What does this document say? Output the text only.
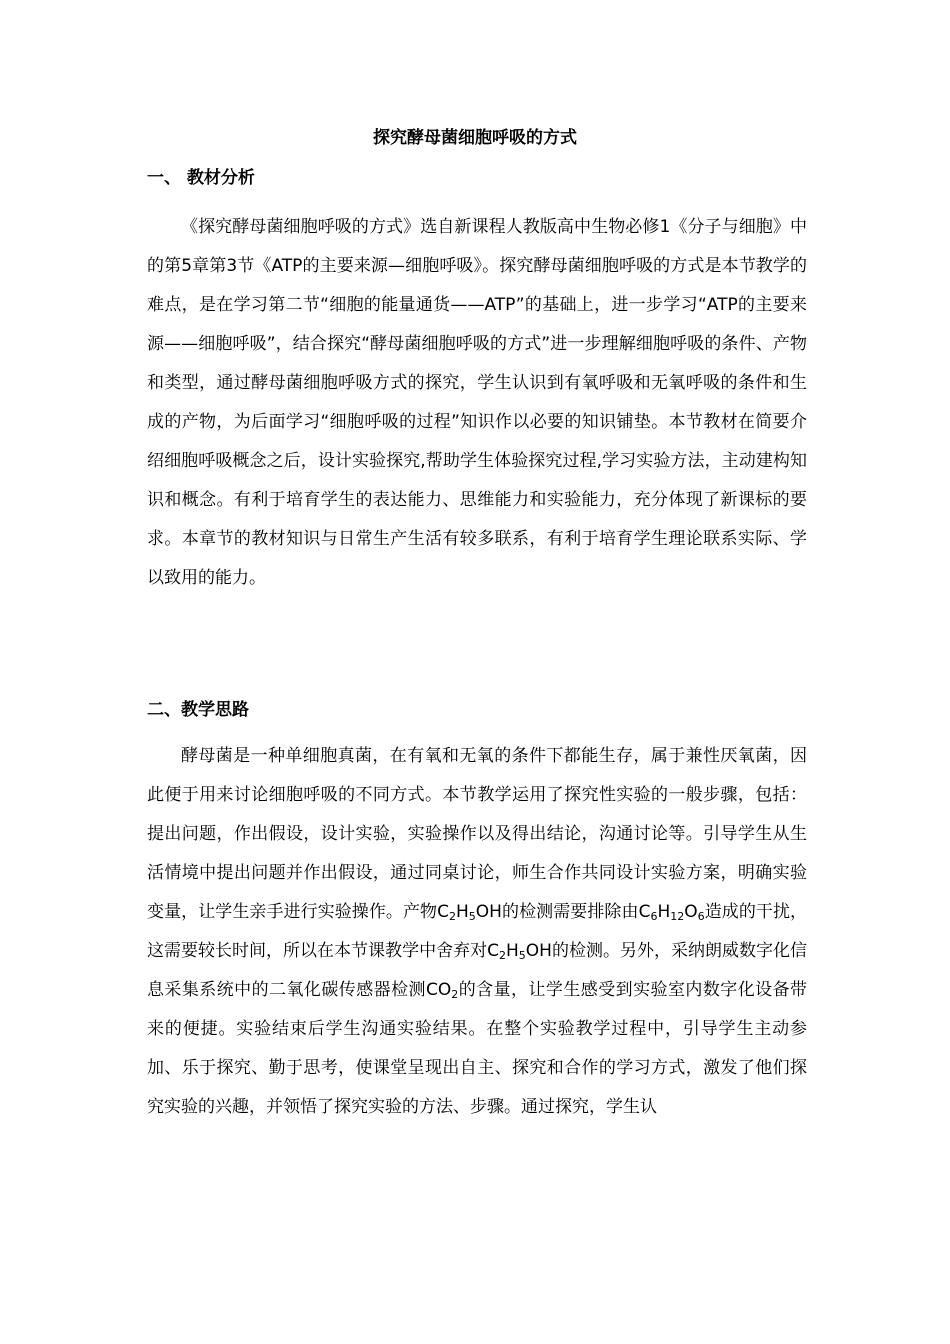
探究酵母菌细胞呼吸的方式
一、 教材分析
《探究酵母菌细胞呼吸的方式》选自新课程人教版高中生物必修1《分子与细胞》中的第5章第3节《ATP的主要来源—细胞呼吸》。探究酵母菌细胞呼吸的方式是本节教学的难点，是在学习第二节“细胞的能量通货——ATP”的基础上，进一步学习“ATP的主要来源——细胞呼吸”，结合探究“酵母菌细胞呼吸的方式”进一步理解细胞呼吸的条件、产物和类型，通过酵母菌细胞呼吸方式的探究，学生认识到有氧呼吸和无氧呼吸的条件和生成的产物，为后面学习“细胞呼吸的过程”知识作以必要的知识铺垫。本节教材在简要介绍细胞呼吸概念之后，设计实验探究,帮助学生体验探究过程,学习实验方法，主动建构知识和概念。有利于培育学生的表达能力、思维能力和实验能力，充分体现了新课标的要求。本章节的教材知识与日常生产生活有较多联系，有利于培育学生理论联系实际、学以致用的能力。
二、教学思路
酵母菌是一种单细胞真菌，在有氧和无氧的条件下都能生存，属于兼性厌氧菌，因此便于用来讨论细胞呼吸的不同方式。本节教学运用了探究性实验的一般步骤，包括：提出问题，作出假设，设计实验，实验操作以及得出结论，沟通讨论等。引导学生从生活情境中提出问题并作出假设，通过同桌讨论，师生合作共同设计实验方案，明确实验变量，让学生亲手进行实验操作。产物$C_2H_5OH$的检测需要排除由$C_6H_{12}O_6$造成的干扰，这需要较长时间，所以在本节课教学中舍弃对$C_2H_5OH$的检测。另外，采纳朗威数字化信息采集系统中的二氧化碳传感器检测$CO_2$的含量，让学生感受到实验室内数字化设备带来的便捷。实验结束后学生沟通实验结果。在整个实验教学过程中，引导学生主动参加、乐于探究、勤于思考，使课堂呈现出自主、探究和合作的学习方式，激发了他们探究实验的兴趣，并领悟了探究实验的方法、步骤。通过探究，学生认
